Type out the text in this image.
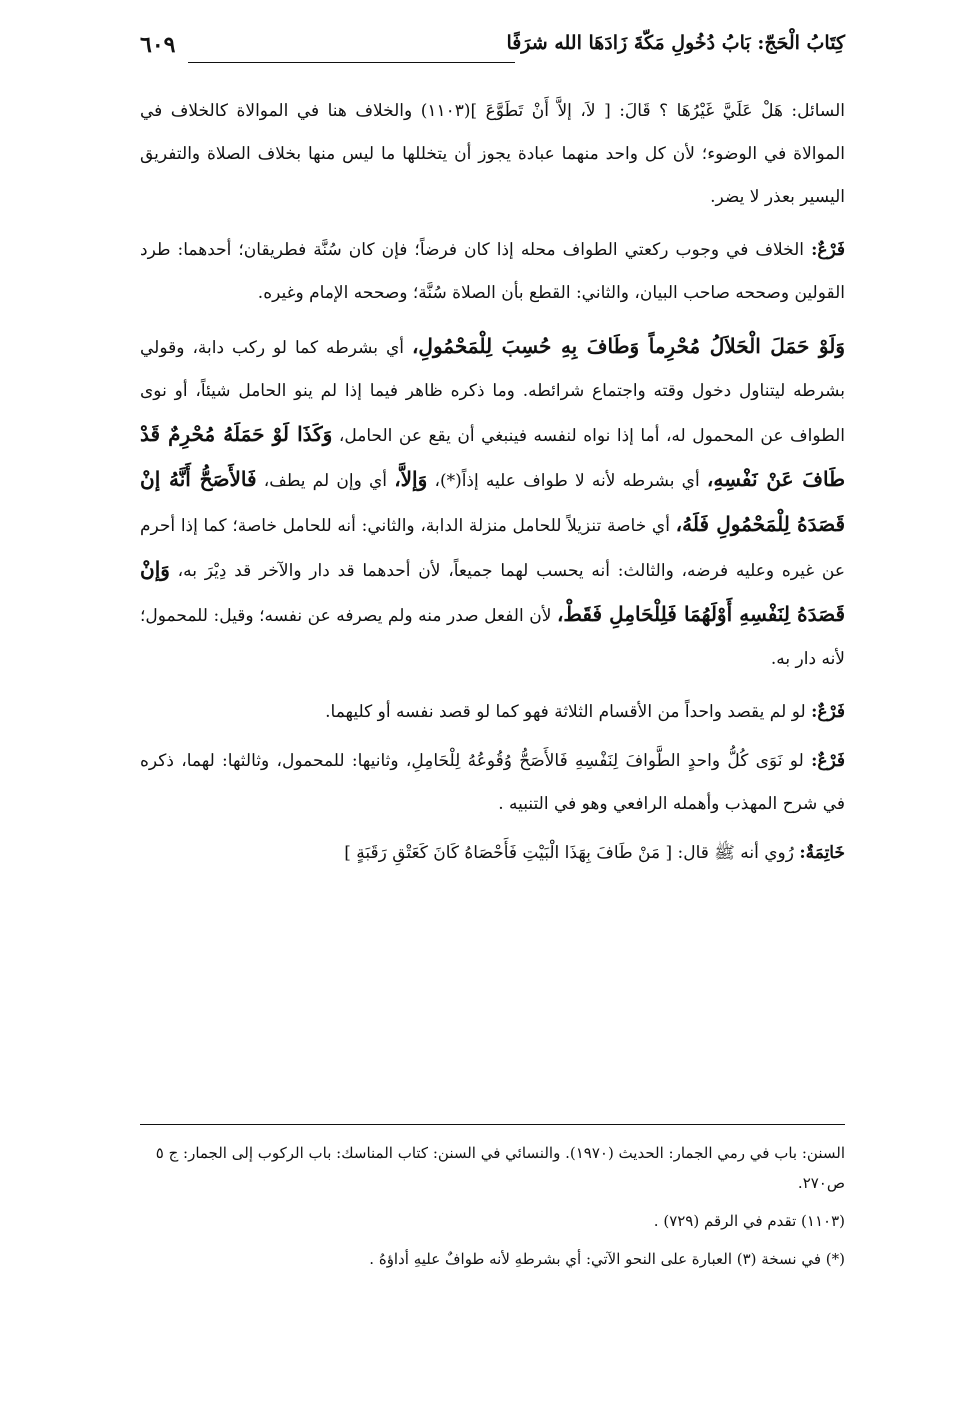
كِتَابُ الْحَجّ: بَابُ دُخُولِ مَكّةَ زَادَهَا الله شرَفًا
٦٠٩

السائل: هَلْ عَلَيَّ غَيْرُهَا ؟ قَالَ: [ لاَ، إلاَّ أَنْ تَطَوَّعَ ](١١٠٣) والخلاف هنا في الموالاة كالخلاف في الموالاة في الوضوء؛ لأن كل واحد منهما عبادة يجوز أن يتخللها ما ليس منها بخلاف الصلاة والتفريق اليسير بعذر لا يضر.

فَرْعٌ: الخلاف في وجوب ركعتي الطواف محله إذا كان فرضاً؛ فإن كان سُنَّة فطريقان؛ أحدهما: طرد القولين وصححه صاحب البيان، والثاني: القطع بأن الصلاة سُنَّة؛ وصححه الإمام وغيره.

وَلَوْ حَمَلَ الْحَلاَلُ مُحْرِماً وَطَافَ بِهِ حُسِبَ لِلْمَحْمُولِ، أي بشرطه كما لو ركب دابة، وقولي بشرطه ليتناول دخول وقته واجتماع شرائطه. وما ذكره ظاهر فيما إذا لم ينو الحامل شيئاً، أو نوى الطواف عن المحمول له، أما إذا نواه لنفسه فينبغي أن يقع عن الحامل، وَكَذَا لَوْ حَمَلَهُ مُحْرِمٌ قَدْ طَافَ عَنْ نَفْسِهِ، أي بشرطه لأنه لا طواف عليه إذاً(*)، وَإلاَّ، أي وإن لم يطف، فَالأَصَحُّ أَنَّهُ إنْ قَصَدَهُ لِلْمَحْمُولِ فَلَهُ، أي خاصة تنزيلاً للحامل منزلة الدابة، والثاني: أنه للحامل خاصة؛ كما إذا أحرم عن غيره وعليه فرضه، والثالث: أنه يحسب لهما جميعاً، لأن أحدهما قد دار والآخر قد دِيْرَ به، وَإنْ قَصَدَهُ لِنَفْسِهِ أَوْلَهُمَا فَلِلْحَامِلِ فَقَطْ، لأن الفعل صدر منه ولم يصرفه عن نفسه؛ وقيل: للمحمول؛ لأنه دار به.

فَرْعٌ: لو لم يقصد واحداً من الأقسام الثلاثة فهو كما لو قصد نفسه أو كليهما.

فَرْعٌ: لو نَوَى كُلُّ واحدٍ الطَّوافَ لِنَفْسِهِ فَالأَصَحُّ وُقُوعُهُ لِلْحَامِلِ، وثانيها: للمحمول، وثالثها: لهما، ذكره في شرح المهذب وأهمله الرافعي وهو في التنبيه .

خَاتِمَةٌ: رُوي أنه ﷺ قال: [ مَنْ طَافَ بِهَذَا الْبَيْتِ فَأَحْصَاهُ كَانَ كَعَتْقِ رَقَبَةٍ ]

السنن: باب في رمي الجمار: الحديث (١٩٧٠). والنسائي في السنن: كتاب المناسك: باب الركوب إلى الجمار: ج ٥ ص٢٧٠.

(١١٠٣) تقدم في الرقم (٧٢٩) .

(*) في نسخة (٣) العبارة على النحو الآتي: أي بشرطهِ لأنه طوافٌ عليهِ أداؤهُ .
